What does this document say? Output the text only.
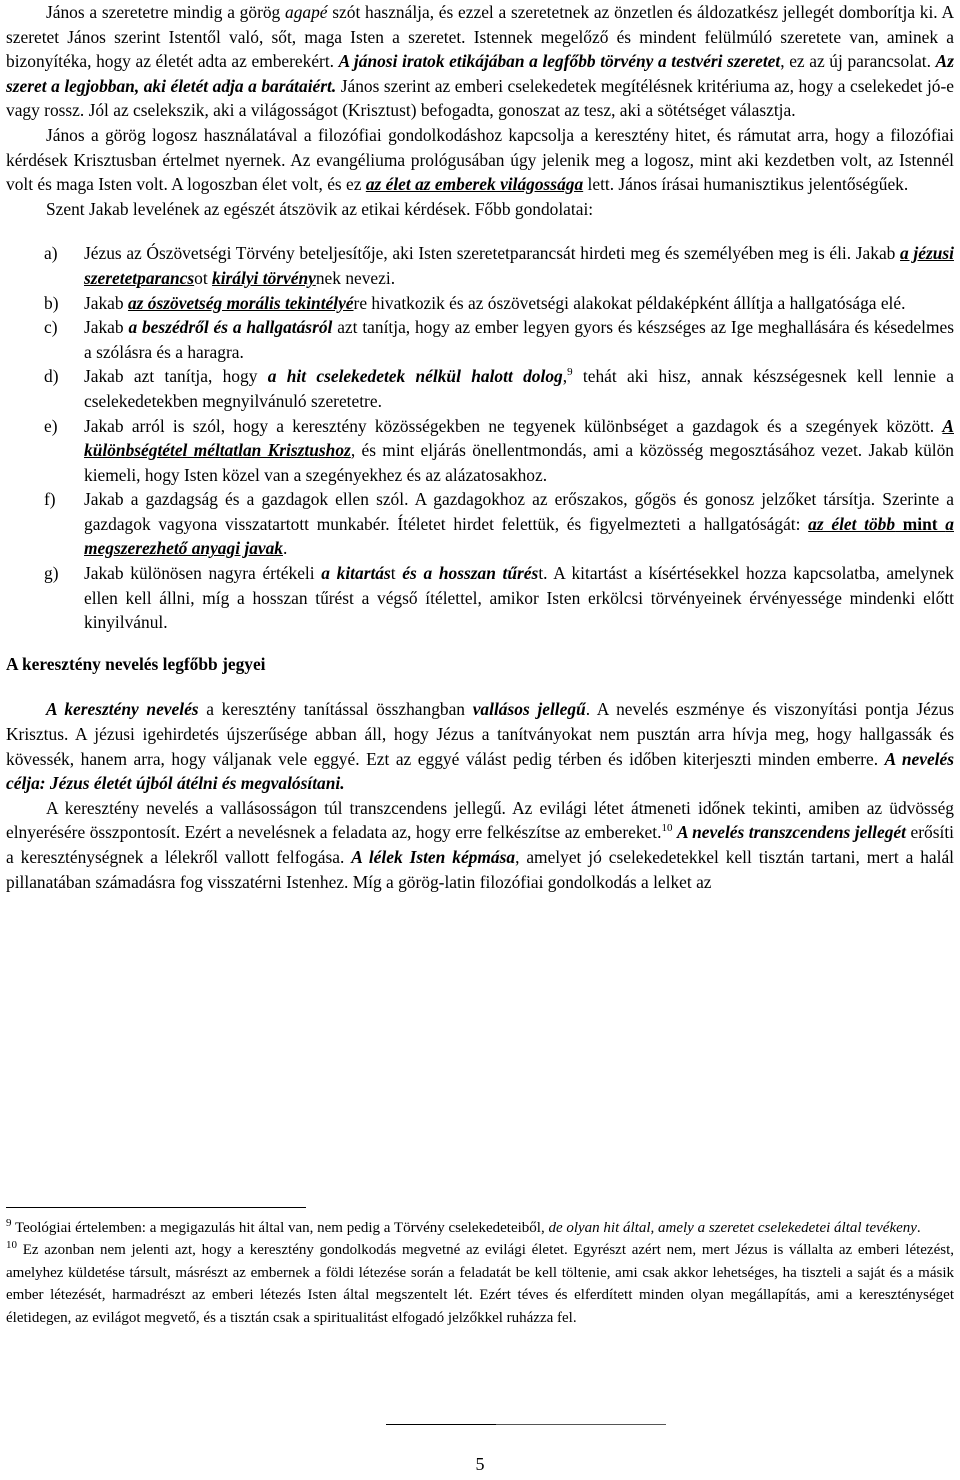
János a szeretetre mindig a görög agapé szót használja, és ezzel a szeretetnek az önzetlen és áldozatkész jellegét domborítja ki. A szeretet János szerint Istentől való, sőt, maga Isten a szeretet. Istennek megelőző és mindent felülmúló szeretete van, aminek a bizonyítéka, hogy az életét adta az emberekért. A jánosi iratok etikájában a legfőbb törvény a testvéri szeretet, ez az új parancsolat. Az szeret a legjobban, aki életét adja a barátaiért. János szerint az emberi cselekedetek megítélésnek kritériuma az, hogy a cselekedet jó-e vagy rossz. Jól az cselekszik, aki a világosságot (Krisztust) befogadta, gonoszat az tesz, aki a sötétséget választja.

János a görög logosz használatával a filozófiai gondolkodáshoz kapcsolja a keresztény hitet, és rámutat arra, hogy a filozófiai kérdések Krisztusban értelmet nyernek. Az evangéliuma prológusában úgy jelenik meg a logosz, mint aki kezdetben volt, az Istennél volt és maga Isten volt. A logoszban élet volt, és ez az élet az emberek világossága lett. János írásai humanisztikus jelentőségűek.

Szent Jakab levelének az egészét átszövik az etikai kérdések. Főbb gondolatai:

a)	Jézus az Ószövetségi Törvény beteljesítője, aki Isten szeretetparancsát hirdeti meg és személyében meg is éli. Jakab a jézusi szeretetparancsot királyi törvénynek nevezi.
b)	Jakab az ószövetség morális tekintélyére hivatkozik és az ószövetségi alakokat példaképként állítja a hallgatósága elé.
c)	Jakab a beszédről és a hallgatásról azt tanítja, hogy az ember legyen gyors és készséges az Ige meghallására és késedelmes a szólásra és a haragra.
d)	Jakab azt tanítja, hogy a hit cselekedetek nélkül halott dolog,$^9$ tehát aki hisz, annak készségesnek kell lennie a cselekedetekben megnyilvánuló szeretetre.
e)	Jakab arról is szól, hogy a keresztény közösségekben ne tegyenek különbséget a gazdagok és a szegények között. A különbségtétel méltatlan Krisztushoz, és mint eljárás önellentmondás, ami a közösség megosztásához vezet. Jakab külön kiemeli, hogy Isten közel van a szegényekhez és az alázatosakhoz.
f)	Jakab a gazdagság és a gazdagok ellen szól. A gazdagokhoz az erőszakos, gőgös és gonosz jelzőket társítja. Szerinte a gazdagok vagyona visszatartott munkabér. Ítéletet hirdet felettük, és figyelmezteti a hallgatóságát: az élet több mint a megszerezhető anyagi javak.
g)	Jakab különösen nagyra értékeli a kitartást és a hosszan tűrést. A kitartást a kísértésekkel hozza kapcsolatba, amelynek ellen kell állni, míg a hosszan tűrést a végső ítélettel, amikor Isten erkölcsi törvényeinek érvényessége mindenki előtt kinyilvánul.
A keresztény nevelés legfőbb jegyei

A keresztény nevelés a keresztény tanítással összhangban vallásos jellegű. A nevelés eszménye és viszonyítási pontja Jézus Krisztus. A jézusi igehirdetés újszerűsége abban áll, hogy Jézus a tanítványokat nem pusztán arra hívja meg, hogy hallgassák és kövessék, hanem arra, hogy váljanak vele eggyé. Ezt az eggyé válást pedig térben és időben kiterjeszti minden emberre. A nevelés célja: Jézus életét újból átélni és megvalósítani.

A keresztény nevelés a vallásosságon túl transzcendens jellegű. Az evilági létet átmeneti időnek tekinti, amiben az üdvösség elnyerésére összpontosít. Ezért a nevelésnek a feladata az, hogy erre felkészítse az embereket.$^{10}$ A nevelés transzcendens jellegét erősíti a kereszténységnek a lélekről vallott felfogása. A lélek Isten képmása, amelyet jó cselekedetekkel kell tisztán tartani, mert a halál pillanatában számadásra fog visszatérni Istenhez. Míg a görög-latin filozófiai gondolkodás a lelket az

$^9$ Teológiai értelemben: a megigazulás hit által van, nem pedig a Törvény cselekedeteiből, de olyan hit által, amely a szeretet cselekedetei által tevékeny.

$^{10}$ Ez azonban nem jelenti azt, hogy a keresztény gondolkodás megvetné az evilági életet. Egyrészt azért nem, mert Jézus is vállalta az emberi létezést, amelyhez küldetése társult, másrészt az embernek a földi létezése során a feladatát be kell töltenie, ami csak akkor lehetséges, ha tiszteli a saját és a másik ember létezését, harmadrészt az emberi létezés Isten által megszentelt lét. Ezért téves és elferdített minden olyan megállapítás, ami a kereszténységet életidegen, az evilágot megvető, és a tisztán csak a spiritualitást elfogadó jelzőkkel ruházza fel.

5
